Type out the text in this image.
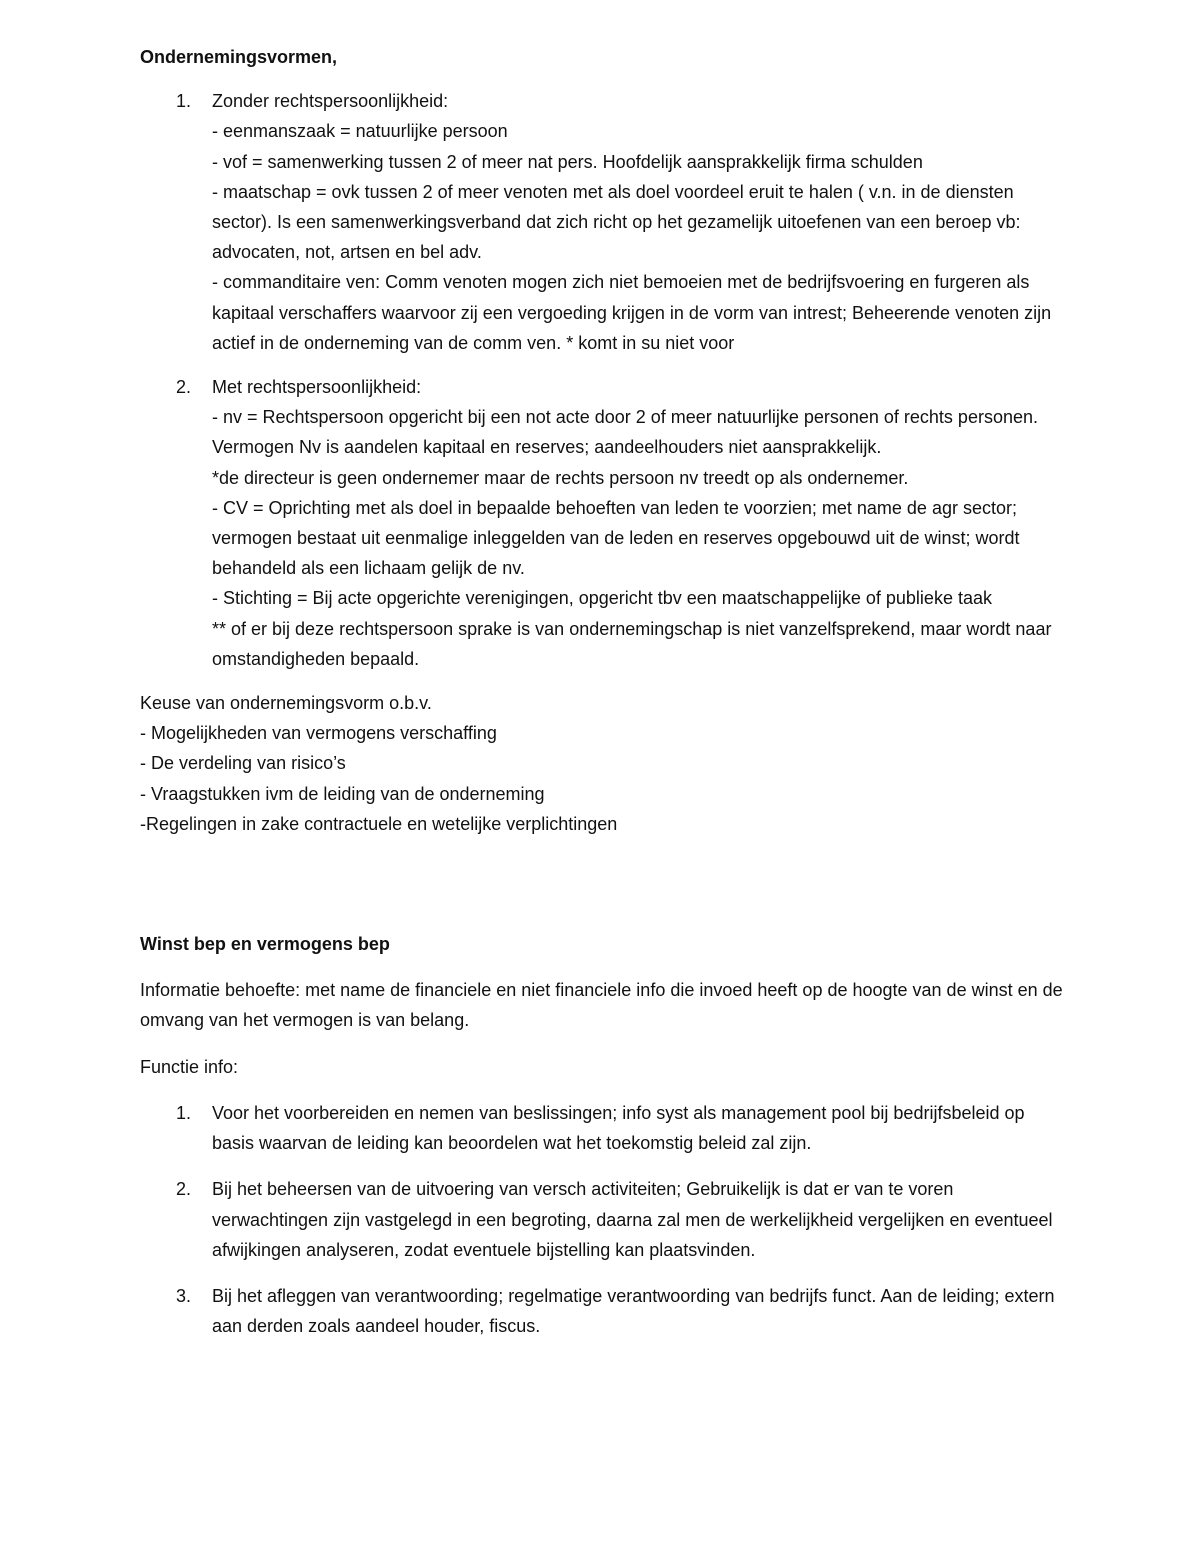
Ondernemingsvormen,

1. Zonder rechtspersoonlijkheid:
- eenmanszaak = natuurlijke persoon
- vof = samenwerking tussen 2 of meer nat pers. Hoofdelijk aansprakkelijk firma schulden
- maatschap = ovk tussen 2 of meer venoten met als doel voordeel eruit te halen ( v.n. in de diensten sector). Is een samenwerkingsverband dat zich richt op het gezamelijk uitoefenen van een beroep vb: advocaten, not, artsen en bel adv.
- commanditaire ven: Comm venoten mogen zich niet bemoeien met de bedrijfsvoering en furgeren als kapitaal verschaffers waarvoor zij een vergoeding krijgen in de vorm van intrest; Beheerende venoten zijn actief in de onderneming van de comm ven. * komt in su niet voor
2. Met rechtspersoonlijkheid:
- nv = Rechtspersoon opgericht bij een not acte door 2 of meer natuurlijke personen of rechts personen. Vermogen Nv is aandelen kapitaal en reserves; aandeelhouders niet aansprakkelijk.
*de directeur is geen ondernemer maar de rechts persoon nv treedt op als ondernemer.
- CV = Oprichting met als doel in bepaalde behoeften van leden te voorzien; met name de agr sector; vermogen bestaat uit eenmalige inleggelden van de leden en reserves opgebouwd uit de winst; wordt behandeld als een lichaam gelijk de nv.
- Stichting = Bij acte opgerichte verenigingen, opgericht tbv een maatschappelijke of publieke taak
** of er bij deze rechtspersoon sprake is van ondernemingschap is niet vanzelfsprekend, maar wordt naar omstandigheden bepaald.
Keuse van ondernemingsvorm o.b.v.
- Mogelijkheden van vermogens verschaffing
- De verdeling van risico’s
- Vraagstukken ivm de leiding van de onderneming
-Regelingen in zake contractuele en wetelijke verplichtingen

Winst bep en vermogens bep

Informatie behoefte: met name de financiele en niet financiele info die invoed heeft op de hoogte van de winst en de omvang van het vermogen is van belang.

Functie info:

1. Voor het voorbereiden en nemen van beslissingen; info syst als management pool bij bedrijfsbeleid op basis waarvan de leiding kan beoordelen wat het toekomstig beleid zal zijn.
2. Bij het beheersen van de uitvoering van versch activiteiten; Gebruikelijk is dat er van te voren verwachtingen zijn vastgelegd in een begroting, daarna zal men de werkelijkheid vergelijken en eventueel afwijkingen analyseren, zodat eventuele bijstelling kan plaatsvinden.
3. Bij het afleggen van verantwoording; regelmatige verantwoording van bedrijfs funct. Aan de leiding; extern aan derden zoals aandeel houder, fiscus.
